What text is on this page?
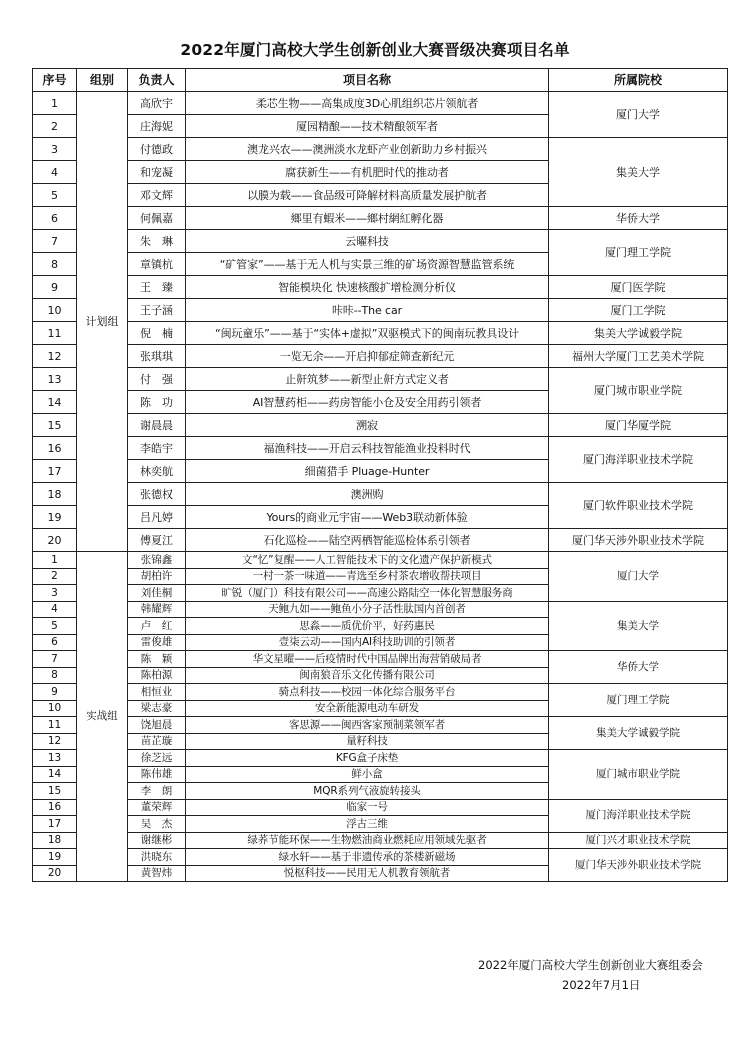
2022年厦门高校大学生创新创业大赛晋级决赛项目名单
序号	组别	负责人	项目名称	所属院校
1	计划组	高欣宇	柔芯生物——高集成度3D心肌组织芯片领航者	厦门大学
2		庄海妮	厦园精酿——技术精酿领军者	
3		付德政	澳龙兴农——澳洲淡水龙虾产业创新助力乡村振兴	集美大学
4		和宠凝	腐获新生——有机肥时代的推动者	
5		邓文辉	以膜为载——食品级可降解材料高质量发展护航者	
6		何佩嘉	鄉里有蝦米——鄉村網紅孵化器	华侨大学
7		朱　琳	云曜科技	厦门理工学院
8		章镇杭	“矿管家”——基于无人机与实景三维的矿场资源智慧监管系统	
9		王　臻	智能模块化 快速核酸扩增检测分析仪	厦门医学院
10		王子涵	咔咔--The car	厦门工学院
11		倪　楠	“闽玩童乐”——基于“实体+虚拟”双驱模式下的闽南玩教具设计	集美大学诚毅学院
12		张琪琪	一览无余——开启抑郁症筛查新纪元	福州大学厦门工艺美术学院
13		付　强	止鼾筑梦——新型止鼾方式定义者	厦门城市职业学院
14		陈　功	AI智慧药柜——药房智能小仓及安全用药引领者	
15		谢晨晨	溯寂	厦门华厦学院
16		李皓宇	福渔科技——开启云科技智能渔业投料时代	厦门海洋职业技术学院
17		林奕航	细菌猎手 Pluage-Hunter	
18		张德权	澳洲购	厦门软件职业技术学院
19		吕凡婷	Yours的商业元宇宙——Web3联动新体验	
20		傅夏江	石化巡检——陆空两栖智能巡检体系引领者	厦门华天涉外职业技术学院
1	实战组	张锦鑫	文“忆”复醒——人工智能技术下的文化遗产保护新模式	厦门大学
2		胡柏许	一村一茶一味道——青选至乡村茶农增收帮扶项目	
3		刘佳桐	旷锐（厦门）科技有限公司——高速公路陆空一体化智慧服务商	
4		韩耀辉	天鲍九如——鲍鱼小分子活性肽国内首创者	集美大学
5		卢　红	思淼——质优价平，好药惠民	
6		雷俊雄	壹柒云动——国内AI科技助训的引领者	
7		陈　颖	华文星曜——后疫情时代中国品牌出海营销破局者	华侨大学
8		陈柏源	闽南狼音乐文化传播有限公司	
9		相恒业	骑点科技——校园一体化综合服务平台	厦门理工学院
10		梁志豪	安全新能源电动车研发	
11		饶旭晨	客思源——闽西客家预制菜领军者	集美大学诚毅学院
12		苗芷璇	量籽科技	
13		徐芝远	KFG盒子床垫	厦门城市职业学院
14		陈伟雄	鲜小盒	
15		李　朗	MQR系列气液旋转接头	
16		董荣辉	临家一号	厦门海洋职业技术学院
17		吴　杰	浮古三维	
18		谢继彬	绿荞节能环保——生物燃油商业燃耗应用领域先驱者	厦门兴才职业技术学院
19		洪晓东	绿水轩——基于非遗传承的茶楼新磁场	厦门华天涉外职业技术学院
20		黄智炜	悦枢科技——民用无人机教育领航者	
2022年厦门高校大学生创新创业大赛组委会
2022年7月1日
